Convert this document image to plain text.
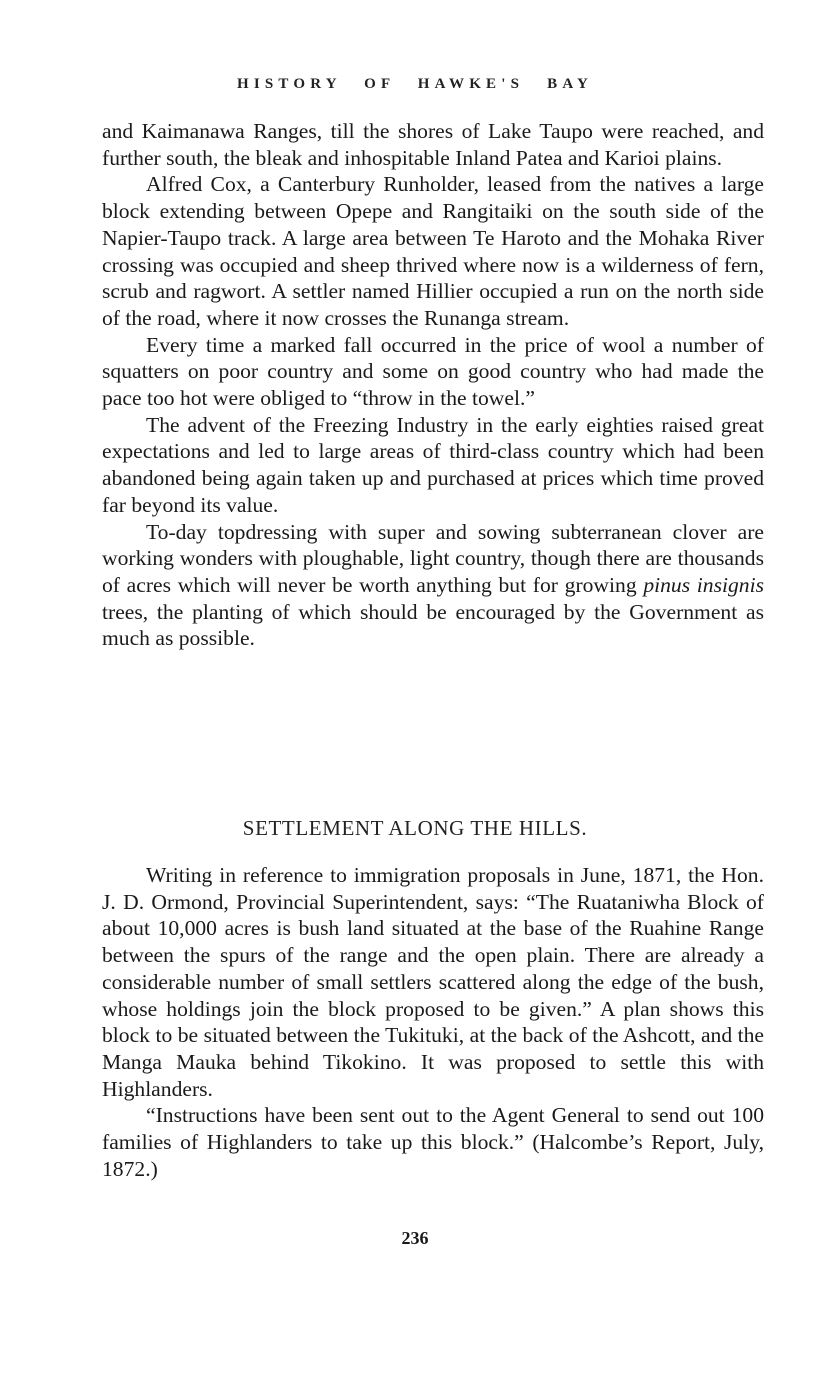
HISTORY OF HAWKE'S BAY

and Kaimanawa Ranges, till the shores of Lake Taupo were reached, and further south, the bleak and inhospitable Inland Patea and Karioi plains.

Alfred Cox, a Canterbury Runholder, leased from the natives a large block extending between Opepe and Rangitaiki on the south side of the Napier-Taupo track. A large area between Te Haroto and the Mohaka River crossing was occupied and sheep thrived where now is a wilderness of fern, scrub and ragwort. A settler named Hillier occupied a run on the north side of the road, where it now crosses the Runanga stream.

Every time a marked fall occurred in the price of wool a number of squatters on poor country and some on good country who had made the pace too hot were obliged to “throw in the towel.”

The advent of the Freezing Industry in the early eighties raised great expectations and led to large areas of third-class country which had been abandoned being again taken up and purchased at prices which time proved far beyond its value.

To-day topdressing with super and sowing subterranean clover are working wonders with ploughable, light country, though there are thousands of acres which will never be worth anything but for growing pinus insignis trees, the planting of which should be encouraged by the Government as much as possible.

SETTLEMENT ALONG THE HILLS.

Writing in reference to immigration proposals in June, 1871, the Hon. J. D. Ormond, Provincial Superintendent, says: “The Ruataniwha Block of about 10,000 acres is bush land situated at the base of the Ruahine Range between the spurs of the range and the open plain. There are already a considerable number of small settlers scattered along the edge of the bush, whose holdings join the block proposed to be given.” A plan shows this block to be situated between the Tukituki, at the back of the Ashcott, and the Manga Mauka behind Tikokino. It was proposed to settle this with Highlanders.

“Instructions have been sent out to the Agent General to send out 100 families of Highlanders to take up this block.” (Halcombe’s Report, July, 1872.)

236
